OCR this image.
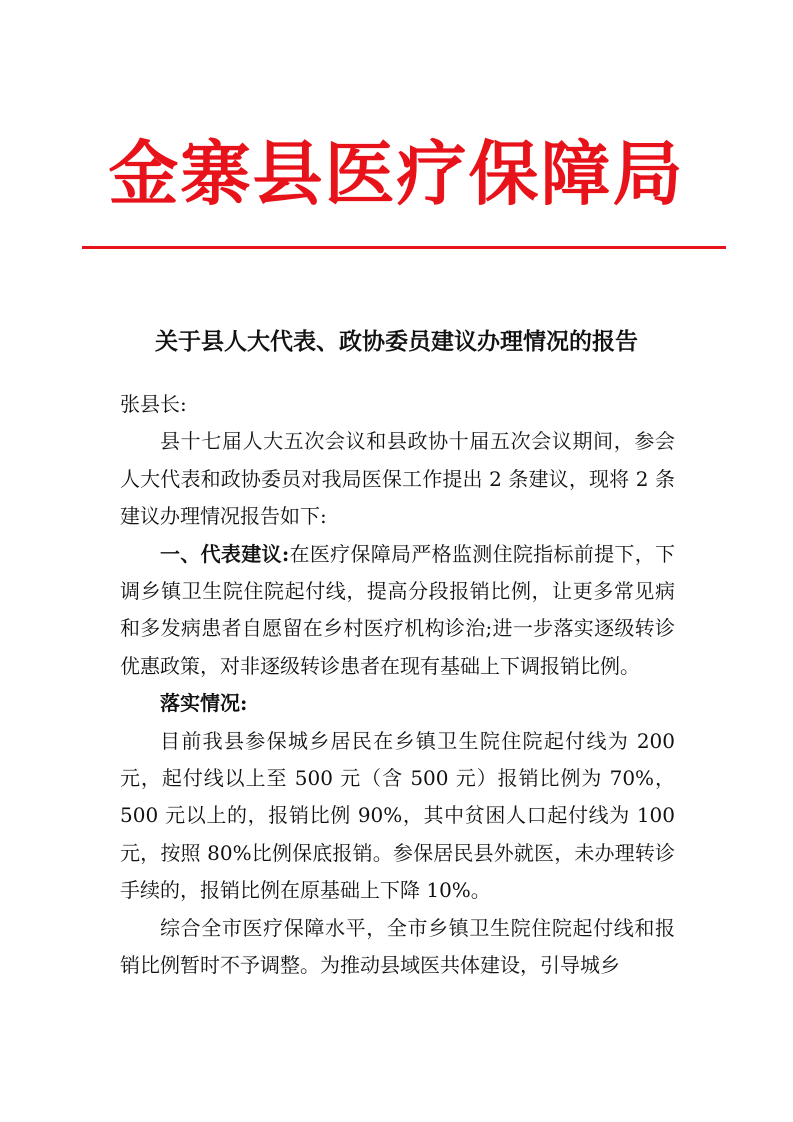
金寨县医疗保障局
关于县人大代表、政协委员建议办理情况的报告

张县长:

县十七届人大五次会议和县政协十届五次会议期间，参会人大代表和政协委员对我局医保工作提出 2 条建议，现将 2 条建议办理情况报告如下:

一、代表建议:在医疗保障局严格监测住院指标前提下，下调乡镇卫生院住院起付线，提高分段报销比例，让更多常见病和多发病患者自愿留在乡村医疗机构诊治;进一步落实逐级转诊优惠政策，对非逐级转诊患者在现有基础上下调报销比例。

落实情况:

目前我县参保城乡居民在乡镇卫生院住院起付线为 200 元，起付线以上至 500 元（含 500 元）报销比例为 70%，500 元以上的，报销比例 90%，其中贫困人口起付线为 100 元，按照 80%比例保底报销。参保居民县外就医，未办理转诊手续的，报销比例在原基础上下降 10%。

综合全市医疗保障水平，全市乡镇卫生院住院起付线和报销比例暂时不予调整。为推动县域医共体建设，引导城乡
